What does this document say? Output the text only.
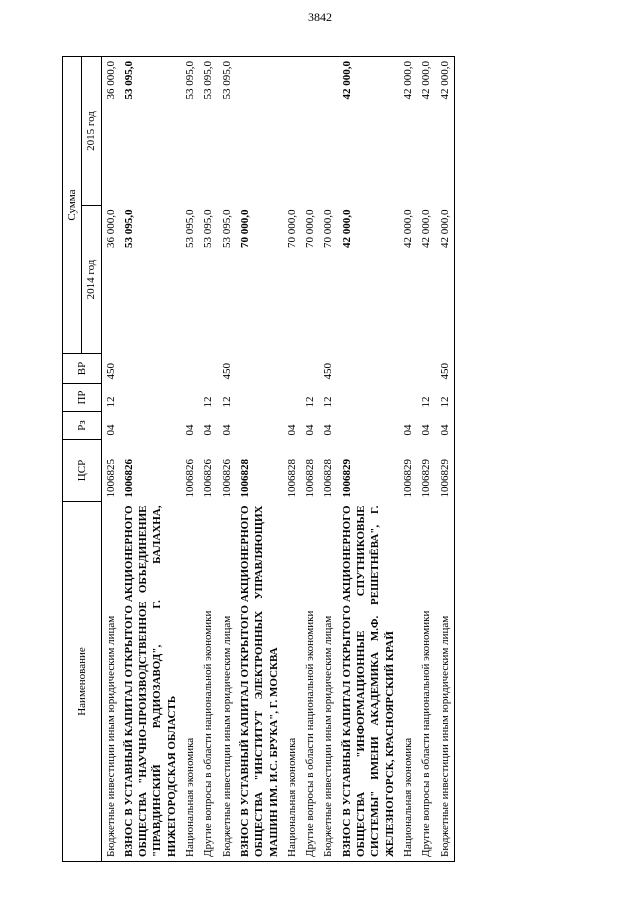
3842
Наименование	ЦСР	Рз	ПР	ВР	Сумма	
					2014 год	2015 год
Бюджетные инвестиции иным юридическим лицам	1006825	04	12	450	36 000,0	36 000,0
ВЗНОС В УСТАВНЫЙ КАПИТАЛ ОТКРЫТОГО АКЦИОНЕРНОГО ОБЩЕСТВА "НАУЧНО-ПРОИЗВОДСТВЕННОЕ ОБЪЕДИНЕНИЕ "ПРАВДИНСКИЙ РАДИОЗАВОД", Г. БАЛАХНА, НИЖЕГОРОДСКАЯ ОБЛАСТЬ	1006826				53 095,0	53 095,0
Национальная экономика	1006826	04			53 095,0	53 095,0
Другие вопросы в области национальной экономики	1006826	04	12		53 095,0	53 095,0
Бюджетные инвестиции иным юридическим лицам	1006826	04	12	450	53 095,0	53 095,0
ВЗНОС В УСТАВНЫЙ КАПИТАЛ ОТКРЫТОГО АКЦИОНЕРНОГО ОБЩЕСТВА "ИНСТИТУТ ЭЛЕКТРОННЫХ УПРАВЛЯЮЩИХ МАШИН ИМ. И.С. БРУКА", Г. МОСКВА	1006828				70 000,0	
Национальная экономика	1006828	04			70 000,0	
Другие вопросы в области национальной экономики	1006828	04	12		70 000,0	
Бюджетные инвестиции иным юридическим лицам	1006828	04	12	450	70 000,0	
ВЗНОС В УСТАВНЫЙ КАПИТАЛ ОТКРЫТОГО АКЦИОНЕРНОГО ОБЩЕСТВА "ИНФОРМАЦИОННЫЕ СПУТНИКОВЫЕ СИСТЕМЫ" ИМЕНИ АКАДЕМИКА М.Ф. РЕШЕТНЁВА", Г. ЖЕЛЕЗНОГОРСК, КРАСНОЯРСКИЙ КРАЙ	1006829				42 000,0	42 000,0
Национальная экономика	1006829	04			42 000,0	42 000,0
Другие вопросы в области национальной экономики	1006829	04	12		42 000,0	42 000,0
Бюджетные инвестиции иным юридическим лицам	1006829	04	12	450	42 000,0	42 000,0
